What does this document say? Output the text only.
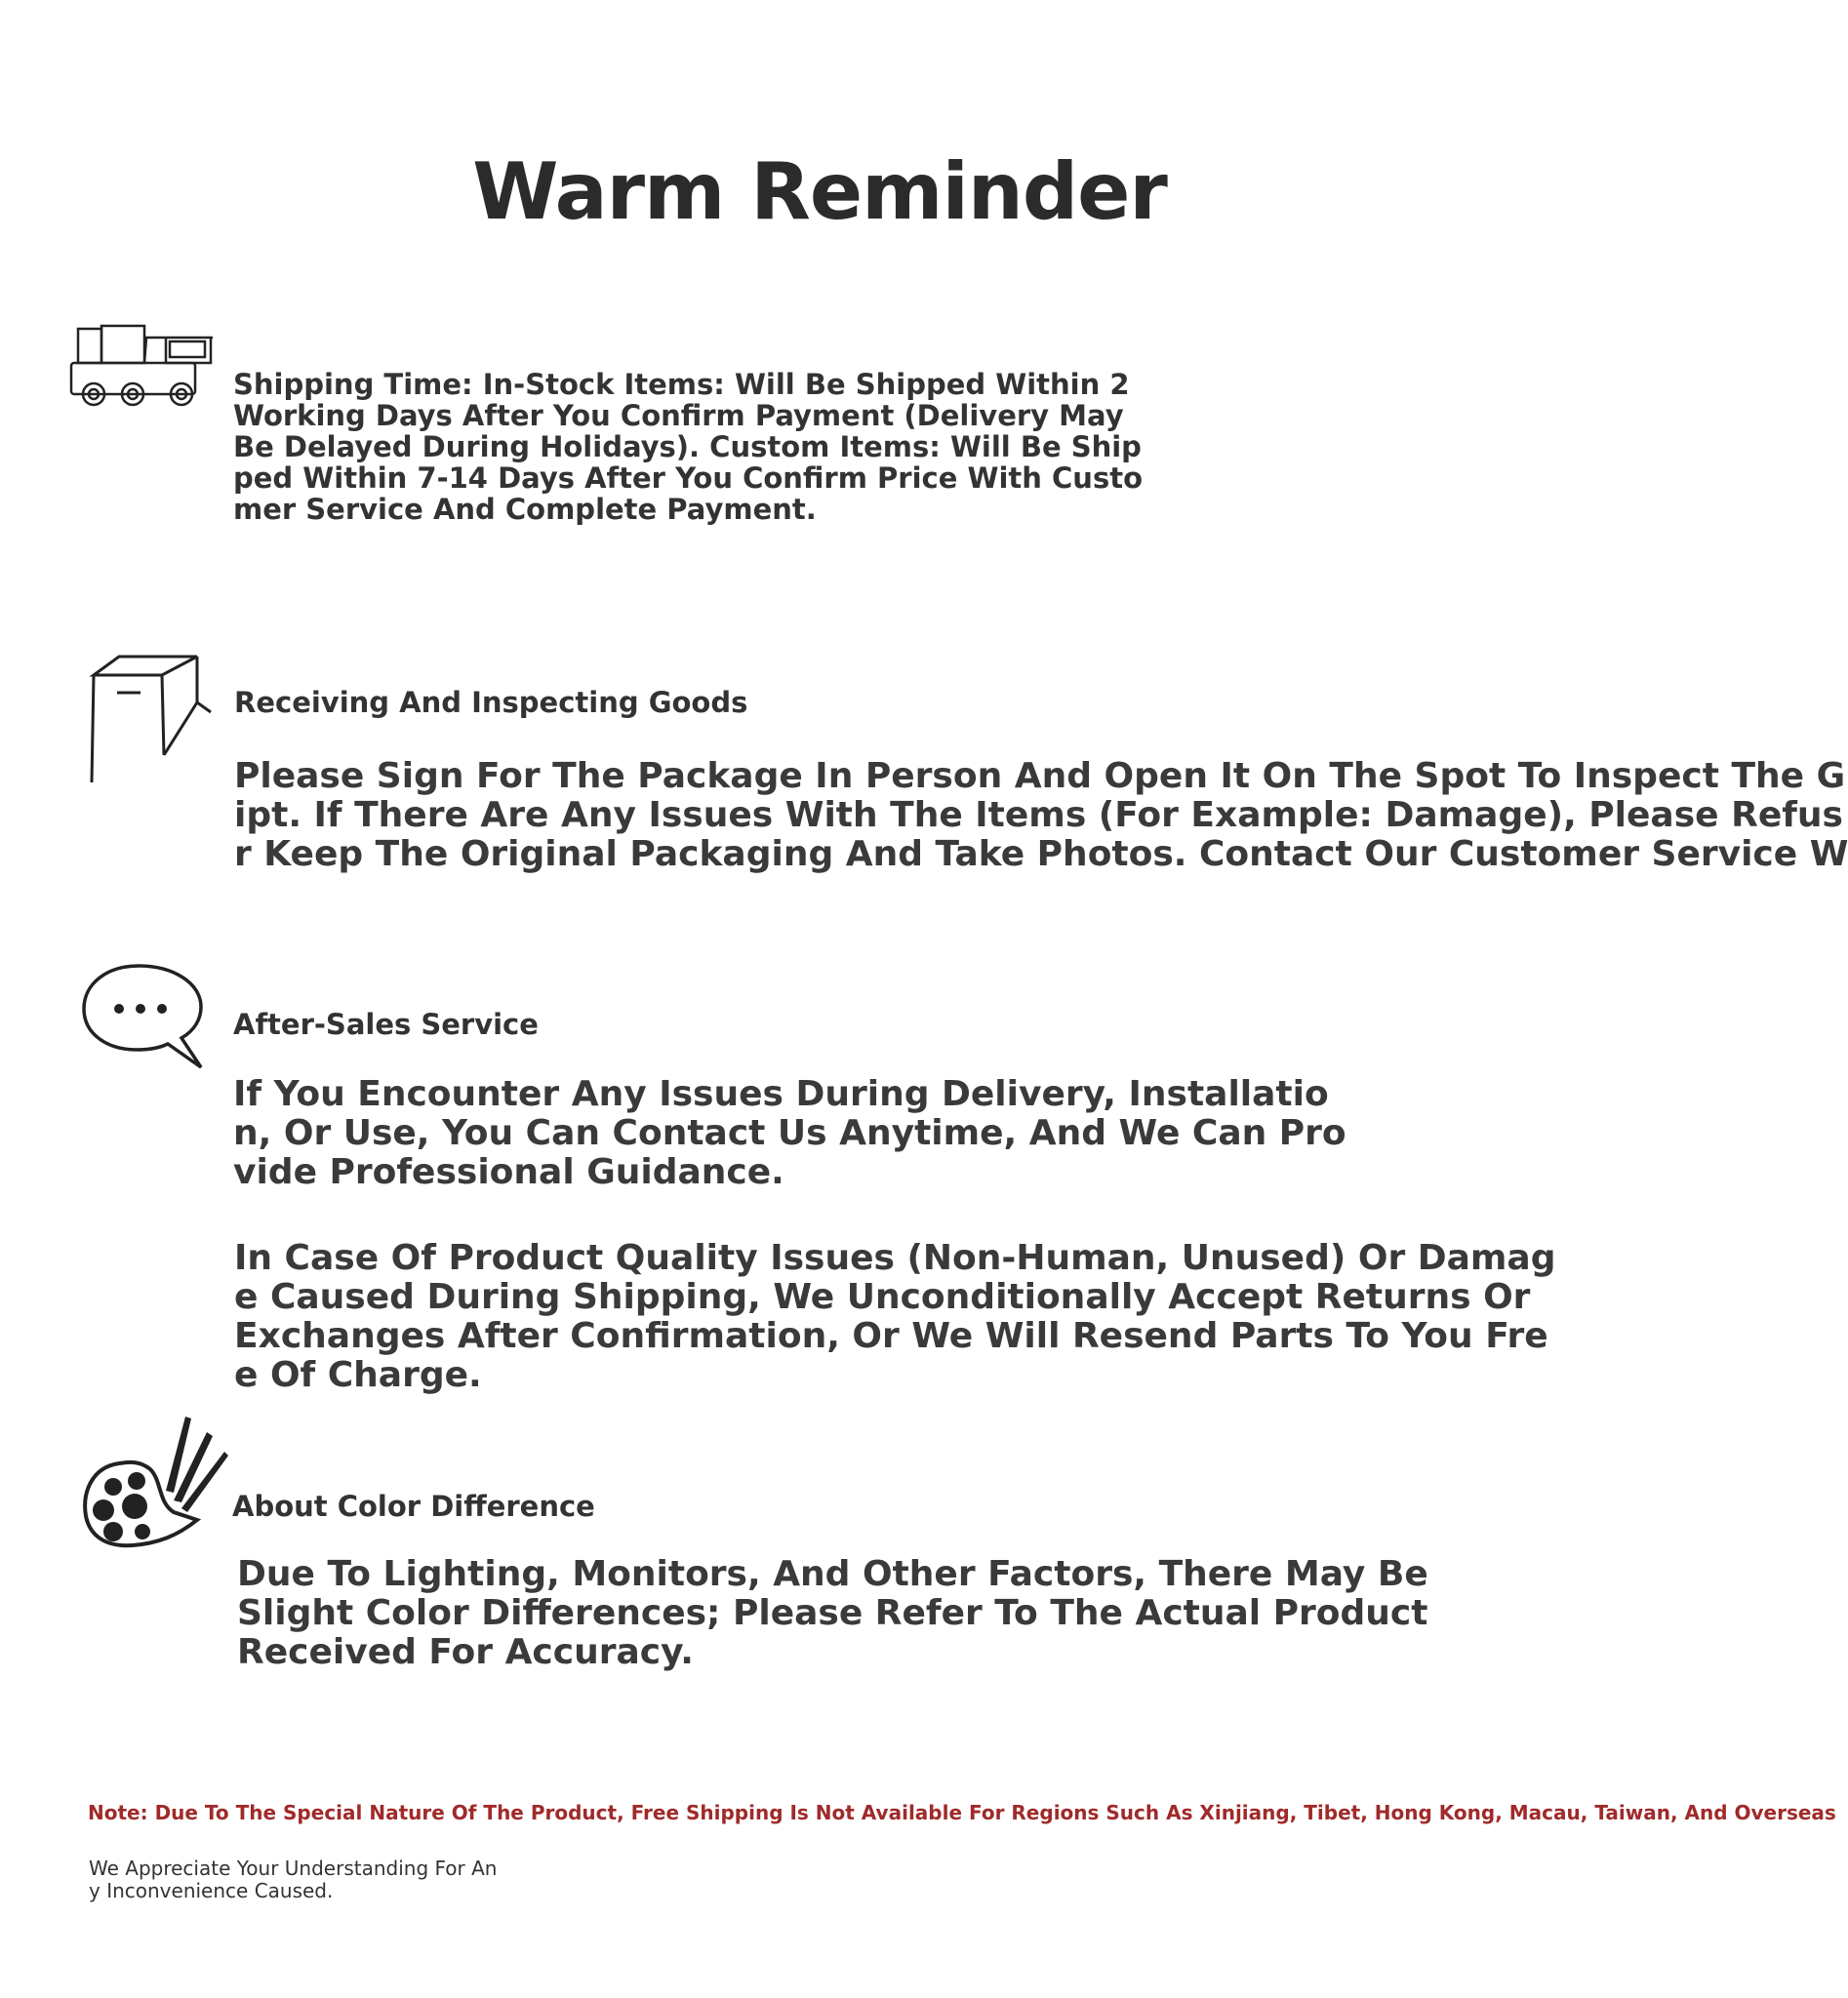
Warm Reminder
Shipping Time: In-Stock Items: Will Be Shipped Within 2 Working Days After You Confirm Payment (Delivery May Be Delayed During Holidays). Custom Items: Will Be Shipped Within 7-14 Days After You Confirm Price With Customer Service And Complete Payment.
Receiving And Inspecting Goods
Please Sign For The Package In Person And Open It On The Spot To Inspect The G
ipt. If There Are Any Issues With The Items (For Example: Damage), Please Refus
r Keep The Original Packaging And Take Photos. Contact Our Customer Service W
After-Sales Service
If You Encounter Any Issues During Delivery, Installation, Or Use, You Can Contact Us Anytime, And We Can Provide Professional Guidance.
In Case Of Product Quality Issues (Non-Human, Unused) Or Damage Caused During Shipping, We Unconditionally Accept Returns Or Exchanges After Confirmation, Or We Will Resend Parts To You Free Of Charge.
About Color Difference
Due To Lighting, Monitors, And Other Factors, There May Be Slight Color Differences; Please Refer To The Actual Product Received For Accuracy.
Note: Due To The Special Nature Of The Product, Free Shipping Is Not Available For Regions Such As Xinjiang, Tibet, Hong Kong, Macau, Taiwan, And Overseas
We Appreciate Your Understanding For Any Inconvenience Caused.
